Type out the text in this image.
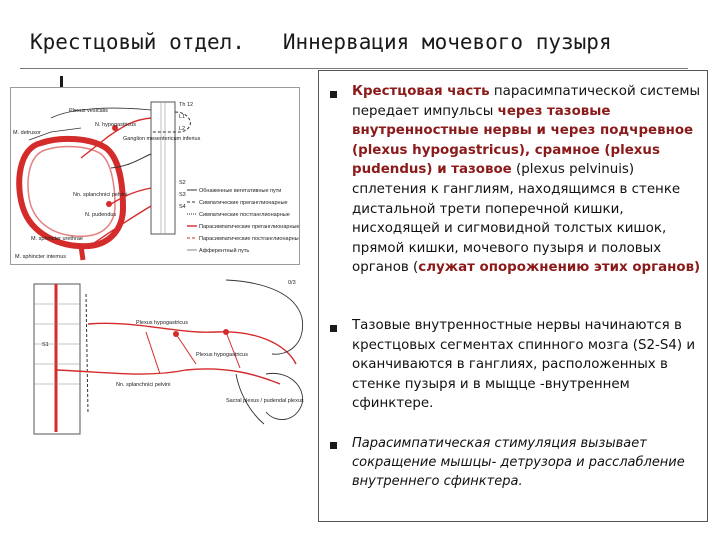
Крестцовый отдел.   Иннервация мочевого пузыря
M. detrusor
Plexus vesicalis
N. hypogastricus
Nn. splanchnici pelvini
N. pudendus
M. sphincter urethrae
M. sphincter internus
Ganglion mesentericum inferius
Th 12
L1
L2
S2
S3
S4
Обнаженные вегетативные пути
Симпатические преганглионарные
Симпатические постганглионарные
Парасимпатические преганглионарные
Парасимпатические постганглионарные
Афферентный путь
Plexus hypogastricus
Plexus hypogastricus
S1
Nn. splanchnici pelvini
Sacral plexus / pudendal plexus
0/3
Крестцовая часть парасимпатической системы передает импульсы через тазовые внутренностные нервы и через подчревное (plexus hypogastricus), срамное (plexus pudendus) и тазовое (plexus pelvinuis) сплетения к ганглиям, находящимся в стенке дистальной трети поперечной кишки, нисходящей и сигмовидной толстых кишок, прямой кишки, мочевого пузыря и половых органов (служат опорожнению этих органов)
Тазовые внутренностные нервы начинаются в крестцовых сегментах спинного мозга (S2-S4) и оканчиваются в ганглиях, расположенных в стенке пузыря и в мыщце -внутреннем сфинктере.
Парасимпатическая стимуляция вызывает сокращение мышцы- детрузора и расслабление внутреннего сфинктера.
